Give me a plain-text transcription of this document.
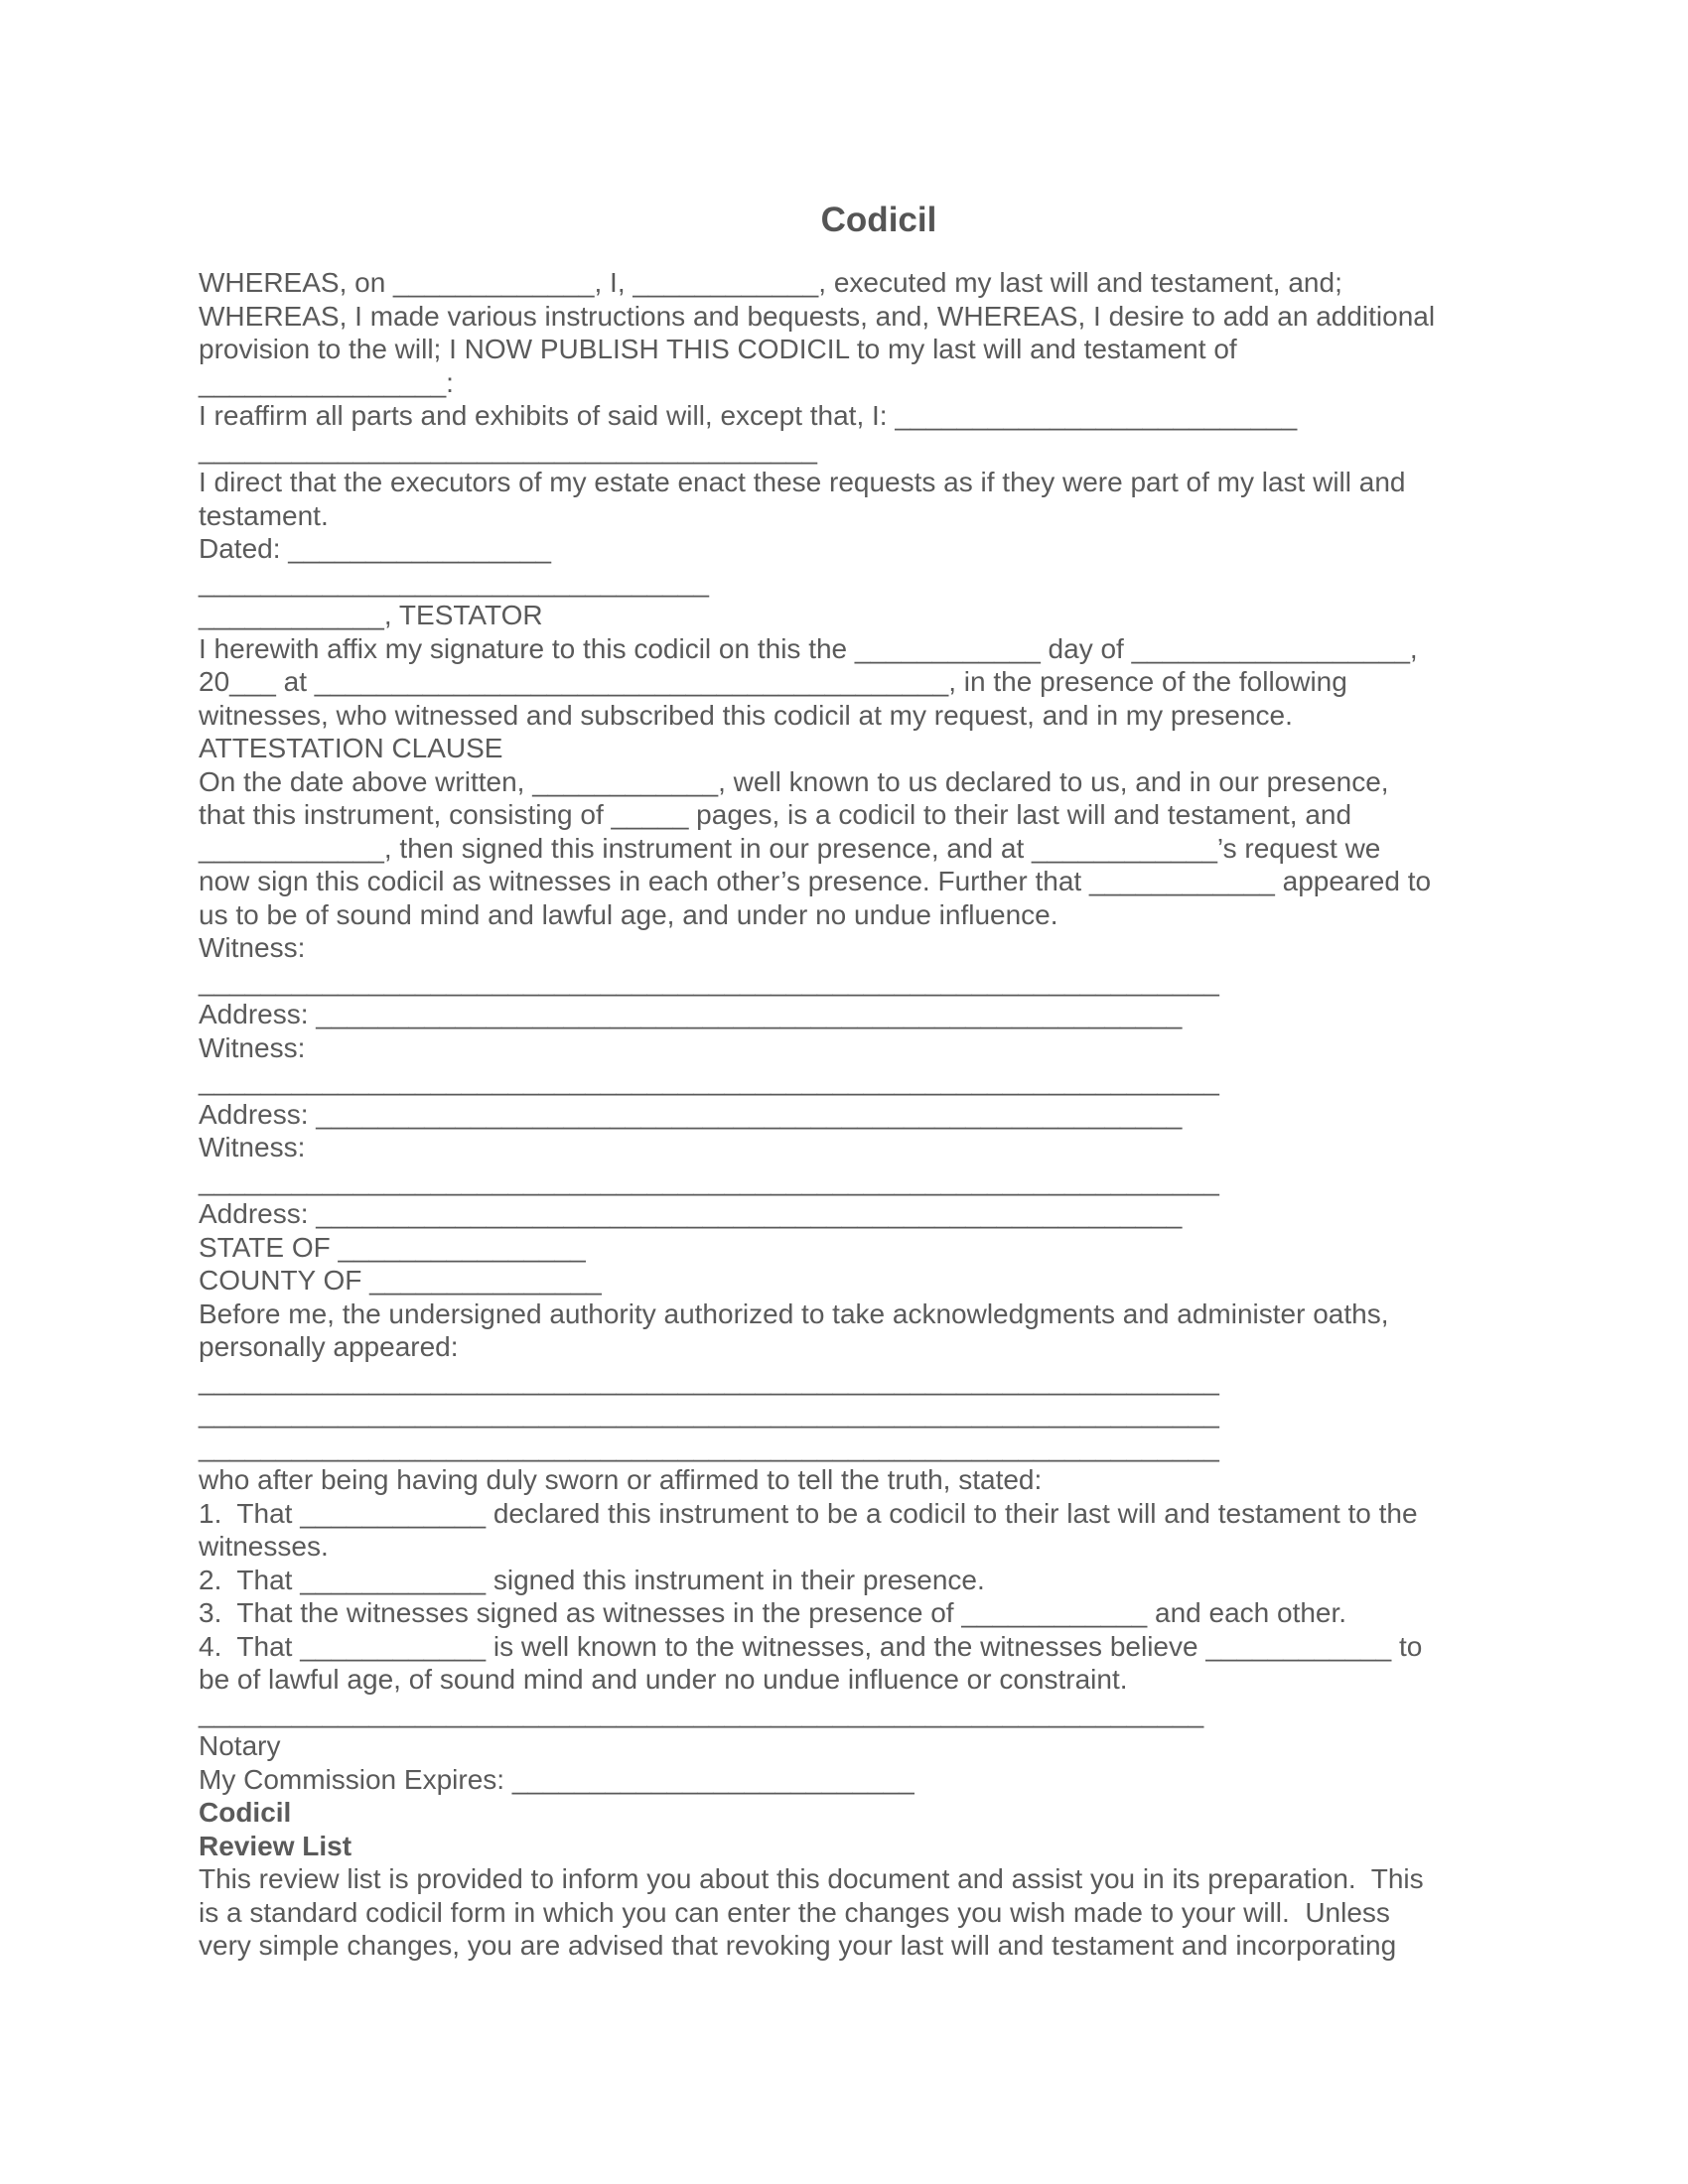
Codicil
WHEREAS, on _____________, I, ____________, executed my last will and testament, and;
WHEREAS, I made various instructions and bequests, and, WHEREAS, I desire to add an additional
provision to the will; I NOW PUBLISH THIS CODICIL to my last will and testament of
________________:
I reaffirm all parts and exhibits of said will, except that, I: __________________________
________________________________________
I direct that the executors of my estate enact these requests as if they were part of my last will and
testament.
Dated: _________________
_________________________________
____________, TESTATOR
I herewith affix my signature to this codicil on this the ____________ day of __________________,
20___ at _________________________________________, in the presence of the following
witnesses, who witnessed and subscribed this codicil at my request, and in my presence.
ATTESTATION CLAUSE
On the date above written, ____________, well known to us declared to us, and in our presence,
that this instrument, consisting of _____ pages, is a codicil to their last will and testament, and
____________, then signed this instrument in our presence, and at ____________’s request we
now sign this codicil as witnesses in each other’s presence. Further that ____________ appeared to
us to be of sound mind and lawful age, and under no undue influence.
Witness:
__________________________________________________________________
Address: ________________________________________________________
Witness:
__________________________________________________________________
Address: ________________________________________________________
Witness:
__________________________________________________________________
Address: ________________________________________________________
STATE OF ________________
COUNTY OF _______________
Before me, the undersigned authority authorized to take acknowledgments and administer oaths,
personally appeared:
__________________________________________________________________
__________________________________________________________________
__________________________________________________________________
who after being having duly sworn or affirmed to tell the truth, stated:
1.  That ____________ declared this instrument to be a codicil to their last will and testament to the
witnesses.
2.  That ____________ signed this instrument in their presence.
3.  That the witnesses signed as witnesses in the presence of ____________ and each other.
4.  That ____________ is well known to the witnesses, and the witnesses believe ____________ to
be of lawful age, of sound mind and under no undue influence or constraint.
_________________________________________________________________
Notary
My Commission Expires: __________________________
Codicil
Review List
This review list is provided to inform you about this document and assist you in its preparation.  This
is a standard codicil form in which you can enter the changes you wish made to your will.  Unless
very simple changes, you are advised that revoking your last will and testament and incorporating
